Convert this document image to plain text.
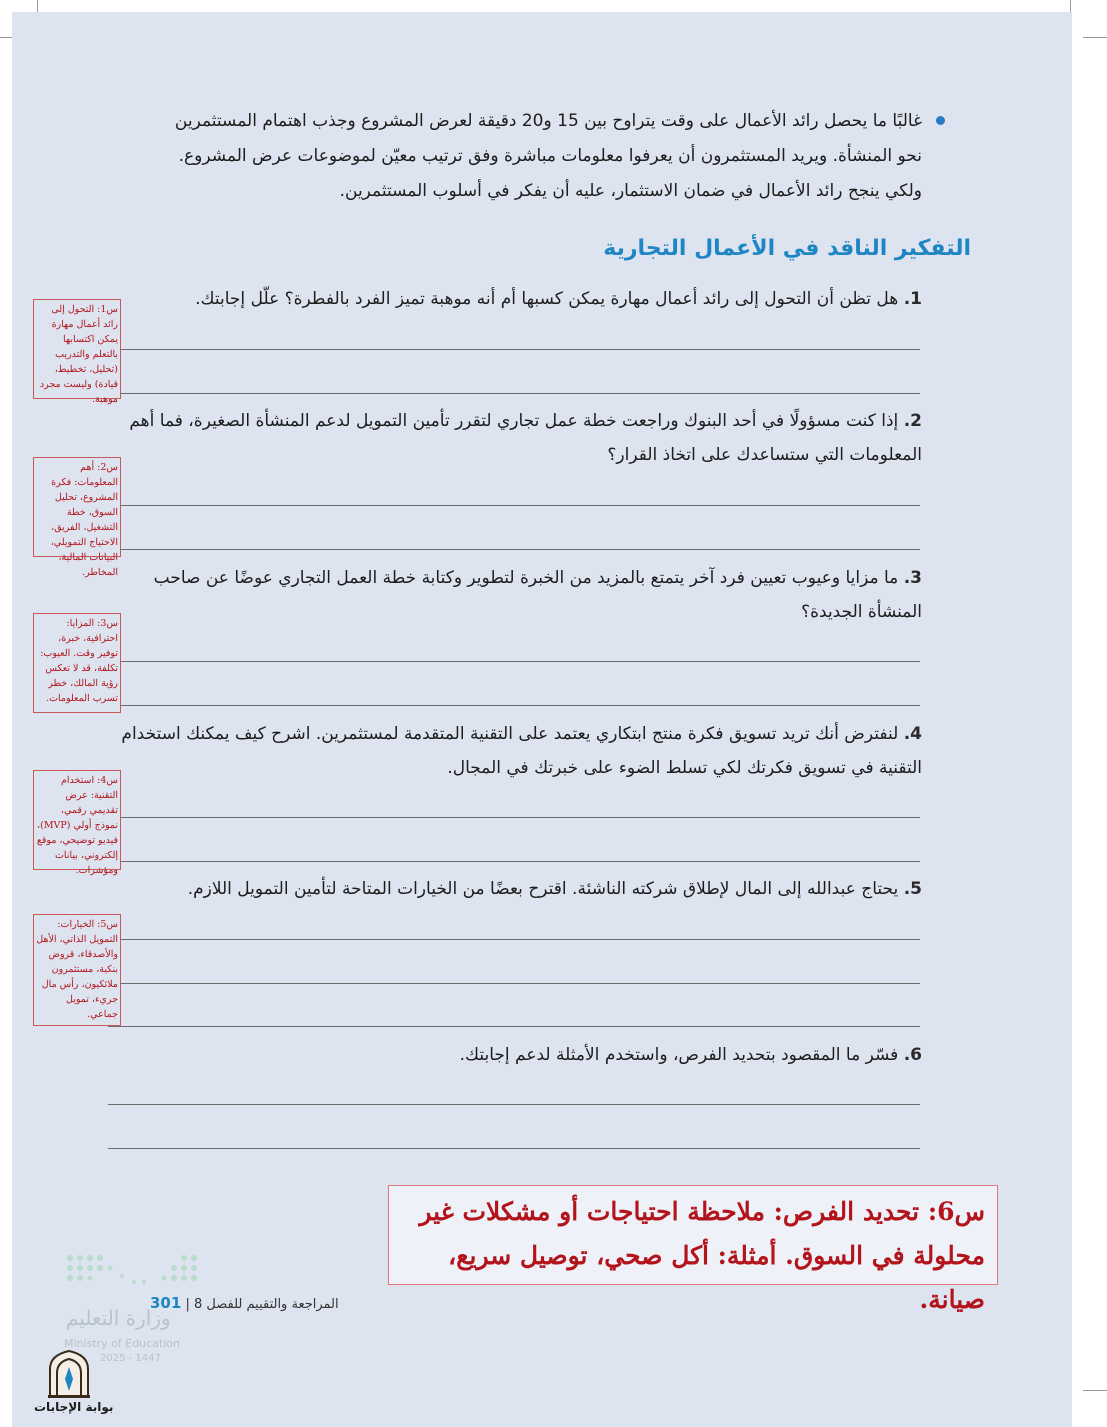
غالبًا ما يحصل رائد الأعمال على وقت يتراوح بين 15 و20 دقيقة لعرض المشروع وجذب اهتمام المستثمرين
نحو المنشأة. ويريد المستثمرون أن يعرفوا معلومات مباشرة وفق ترتيب معيّن لموضوعات عرض المشروع.
ولكي ينجح رائد الأعمال في ضمان الاستثمار، عليه أن يفكر في أسلوب المستثمرين.
التفكير الناقد في الأعمال التجارية
1. هل تظن أن التحول إلى رائد أعمال مهارة يمكن كسبها أم أنه موهبة تميز الفرد بالفطرة؟ علّل إجابتك.
س1: التحول إلى رائد أعمال مهارة يمكن اكتسابها بالتعلم والتدريب (تحليل، تخطيط، قيادة) وليست مجرد موهبة.
2. إذا كنت مسؤولًا في أحد البنوك وراجعت خطة عمل تجاري لتقرر تأمين التمويل لدعم المنشأة الصغيرة، فما أهم المعلومات التي ستساعدك على اتخاذ القرار؟
س2: أهم المعلومات: فكرة المشروع، تحليل السوق، خطة التشغيل، الفريق، الاحتياج التمويلي، البيانات المالية، المخاطر.	3. ما مزايا وعيوب تعيين فرد آخر يتمتع بالمزيد من الخبرة لتطوير وكتابة خطة العمل التجاري عوضًا عن صاحب المنشأة الجديدة؟
س3: المزايا: احترافية، خبرة، توفير وقت. العيوب: تكلفة، قد لا تعكس رؤية المالك، خطر تسرب المعلومات.
4. لنفترض أنك تريد تسويق فكرة منتج ابتكاري يعتمد على التقنية المتقدمة لمستثمرين. اشرح كيف يمكنك استخدام التقنية في تسويق فكرتك لكي تسلط الضوء على خبرتك في المجال.
س4: استخدام التقنية: عرض تقديمي رقمي، نموذج أولي (MVP)، فيديو توضيحي، موقع إلكتروني، بيانات ومؤشرات.
5. يحتاج عبدالله إلى المال لإطلاق شركته الناشئة. اقترح بعضًا من الخيارات المتاحة لتأمين التمويل اللازم.
س5: الخيارات: التمويل الذاتي، الأهل والأصدقاء، قروض بنكية، مستثمرون ملائكيون، رأس مال جريء، تمويل جماعي.
6. فسّر ما المقصود بتحديد الفرص، واستخدم الأمثلة لدعم إجابتك.
س6: تحديد الفرص: ملاحظة احتياجات أو مشكلات غير محلولة في السوق. أمثلة: أكل صحي، توصيل سريع، صيانة.
المراجعة والتقييم للفصل 8 | 301
وزارة التعليم
Ministry of Education
2025 - 1447
بوابة الإجابات
